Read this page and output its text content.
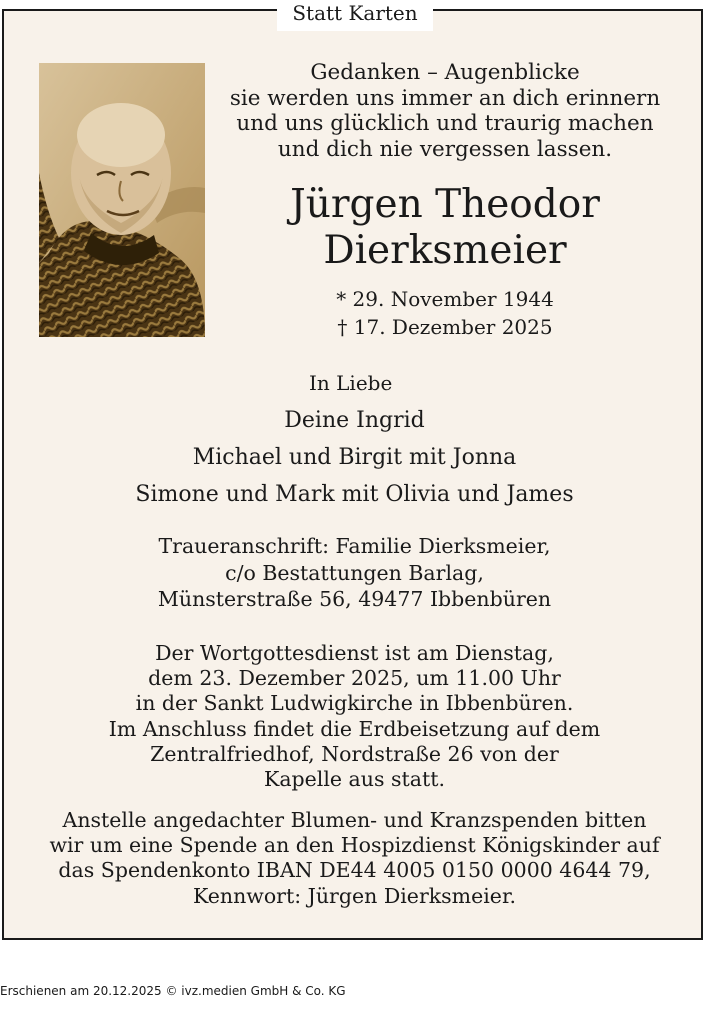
Statt Karten
Gedanken – Augenblicke
sie werden uns immer an dich erinnern
und uns glücklich und traurig machen
und dich nie vergessen lassen.
Jürgen Theodor
Dierksmeier
* 29. November 1944
† 17. Dezember 2025
In Liebe
Deine Ingrid
Michael und Birgit mit Jonna
Simone und Mark mit Olivia und James
Traueranschrift: Familie Dierksmeier,
c/o Bestattungen Barlag,
Münsterstraße 56, 49477 Ibbenbüren
Der Wortgottesdienst ist am Dienstag,
dem 23. Dezember 2025, um 11.00 Uhr
in der Sankt Ludwigkirche in Ibbenbüren.
Im Anschluss findet die Erdbeisetzung auf dem
Zentralfriedhof, Nordstraße 26 von der
Kapelle aus statt.
Anstelle angedachter Blumen- und Kranzspenden bitten
wir um eine Spende an den Hospizdienst Königskinder auf
das Spendenkonto IBAN DE44 4005 0150 0000 4644 79,
Kennwort: Jürgen Dierksmeier.
Erschienen am 20.12.2025 © ivz.medien GmbH & Co. KG
